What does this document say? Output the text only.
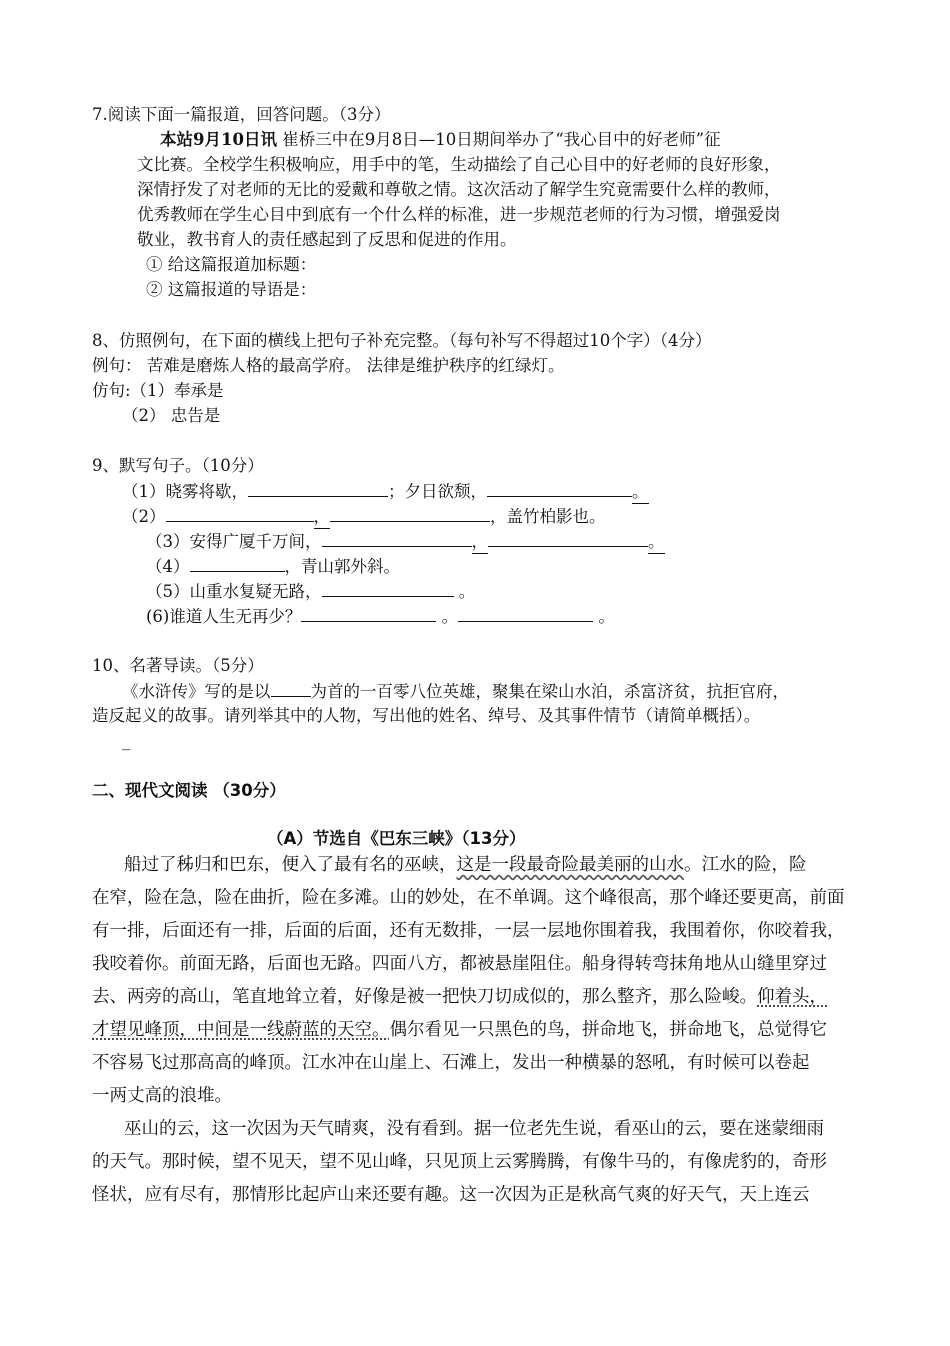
7.阅读下面一篇报道，回答问题。（3分）
本站9月10日讯 崔桥三中在9月8日—10日期间举办了“我心目中的好老师”征
文比赛。全校学生积极响应，用手中的笔，生动描绘了自己心目中的好老师的良好形象，
深情抒发了对老师的无比的爱戴和尊敬之情。这次活动了解学生究竟需要什么样的教师，
优秀教师在学生心目中到底有一个什么样的标准，进一步规范老师的行为习惯，增强爱岗
敬业，教书育人的责任感起到了反思和促进的作用。
① 给这篇报道加标题：
② 这篇报道的导语是：
8、仿照例句，在下面的横线上把句子补充完整。（每句补写不得超过10个字）（4分）
例句： 苦难是磨炼人格的最高学府。 法律是维护秩序的红绿灯。
仿句:（1）奉承是
（2） 忠告是
9、默写句子。（10分）
（1）晓雾将歇，	；夕日欲颓，	。
（2）	，	，盖竹柏影也。
（3）安得广厦千万间，	，	。
（4）	，青山郭外斜。
（5）山重水复疑无路，	。
(6)谁道人生无再少？	。	。
10、名著导读。（5分）
《水浒传》写的是以 为首的一百零八位英雄，聚集在梁山水泊，杀富济贫，抗拒官府，
造反起义的故事。请列举其中的人物，写出他的姓名、绰号、及其事件情节（请简单概括）。
_
二、现代文阅读 （30分）
（A）节选自《巴东三峡》（13分）
船过了秭归和巴东，便入了最有名的巫峡，这是一段最奇险最美丽的山水。江水的险，险
在窄，险在急，险在曲折，险在多滩。山的妙处，在不单调。这个峰很高，那个峰还要更高，前面
有一排，后面还有一排，后面的后面，还有无数排，一层一层地你围着我，我围着你，你咬着我，
我咬着你。前面无路，后面也无路。四面八方，都被悬崖阻住。船身得转弯抹角地从山缝里穿过
去、两旁的高山，笔直地耸立着，好像是被一把快刀切成似的，那么整齐，那么险峻。仰着头，
才望见峰顶，中间是一线蔚蓝的天空。偶尔看见一只黑色的鸟，拼命地飞，拼命地飞，总觉得它
不容易飞过那高高的峰顶。江水冲在山崖上、石滩上，发出一种横暴的怒吼，有时候可以卷起
一两丈高的浪堆。
巫山的云，这一次因为天气晴爽，没有看到。据一位老先生说，看巫山的云，要在迷蒙细雨
的天气。那时候，望不见天，望不见山峰，只见顶上云雾腾腾，有像牛马的，有像虎豹的，奇形
怪状，应有尽有，那情形比起庐山来还要有趣。这一次因为正是秋高气爽的好天气，天上连云
